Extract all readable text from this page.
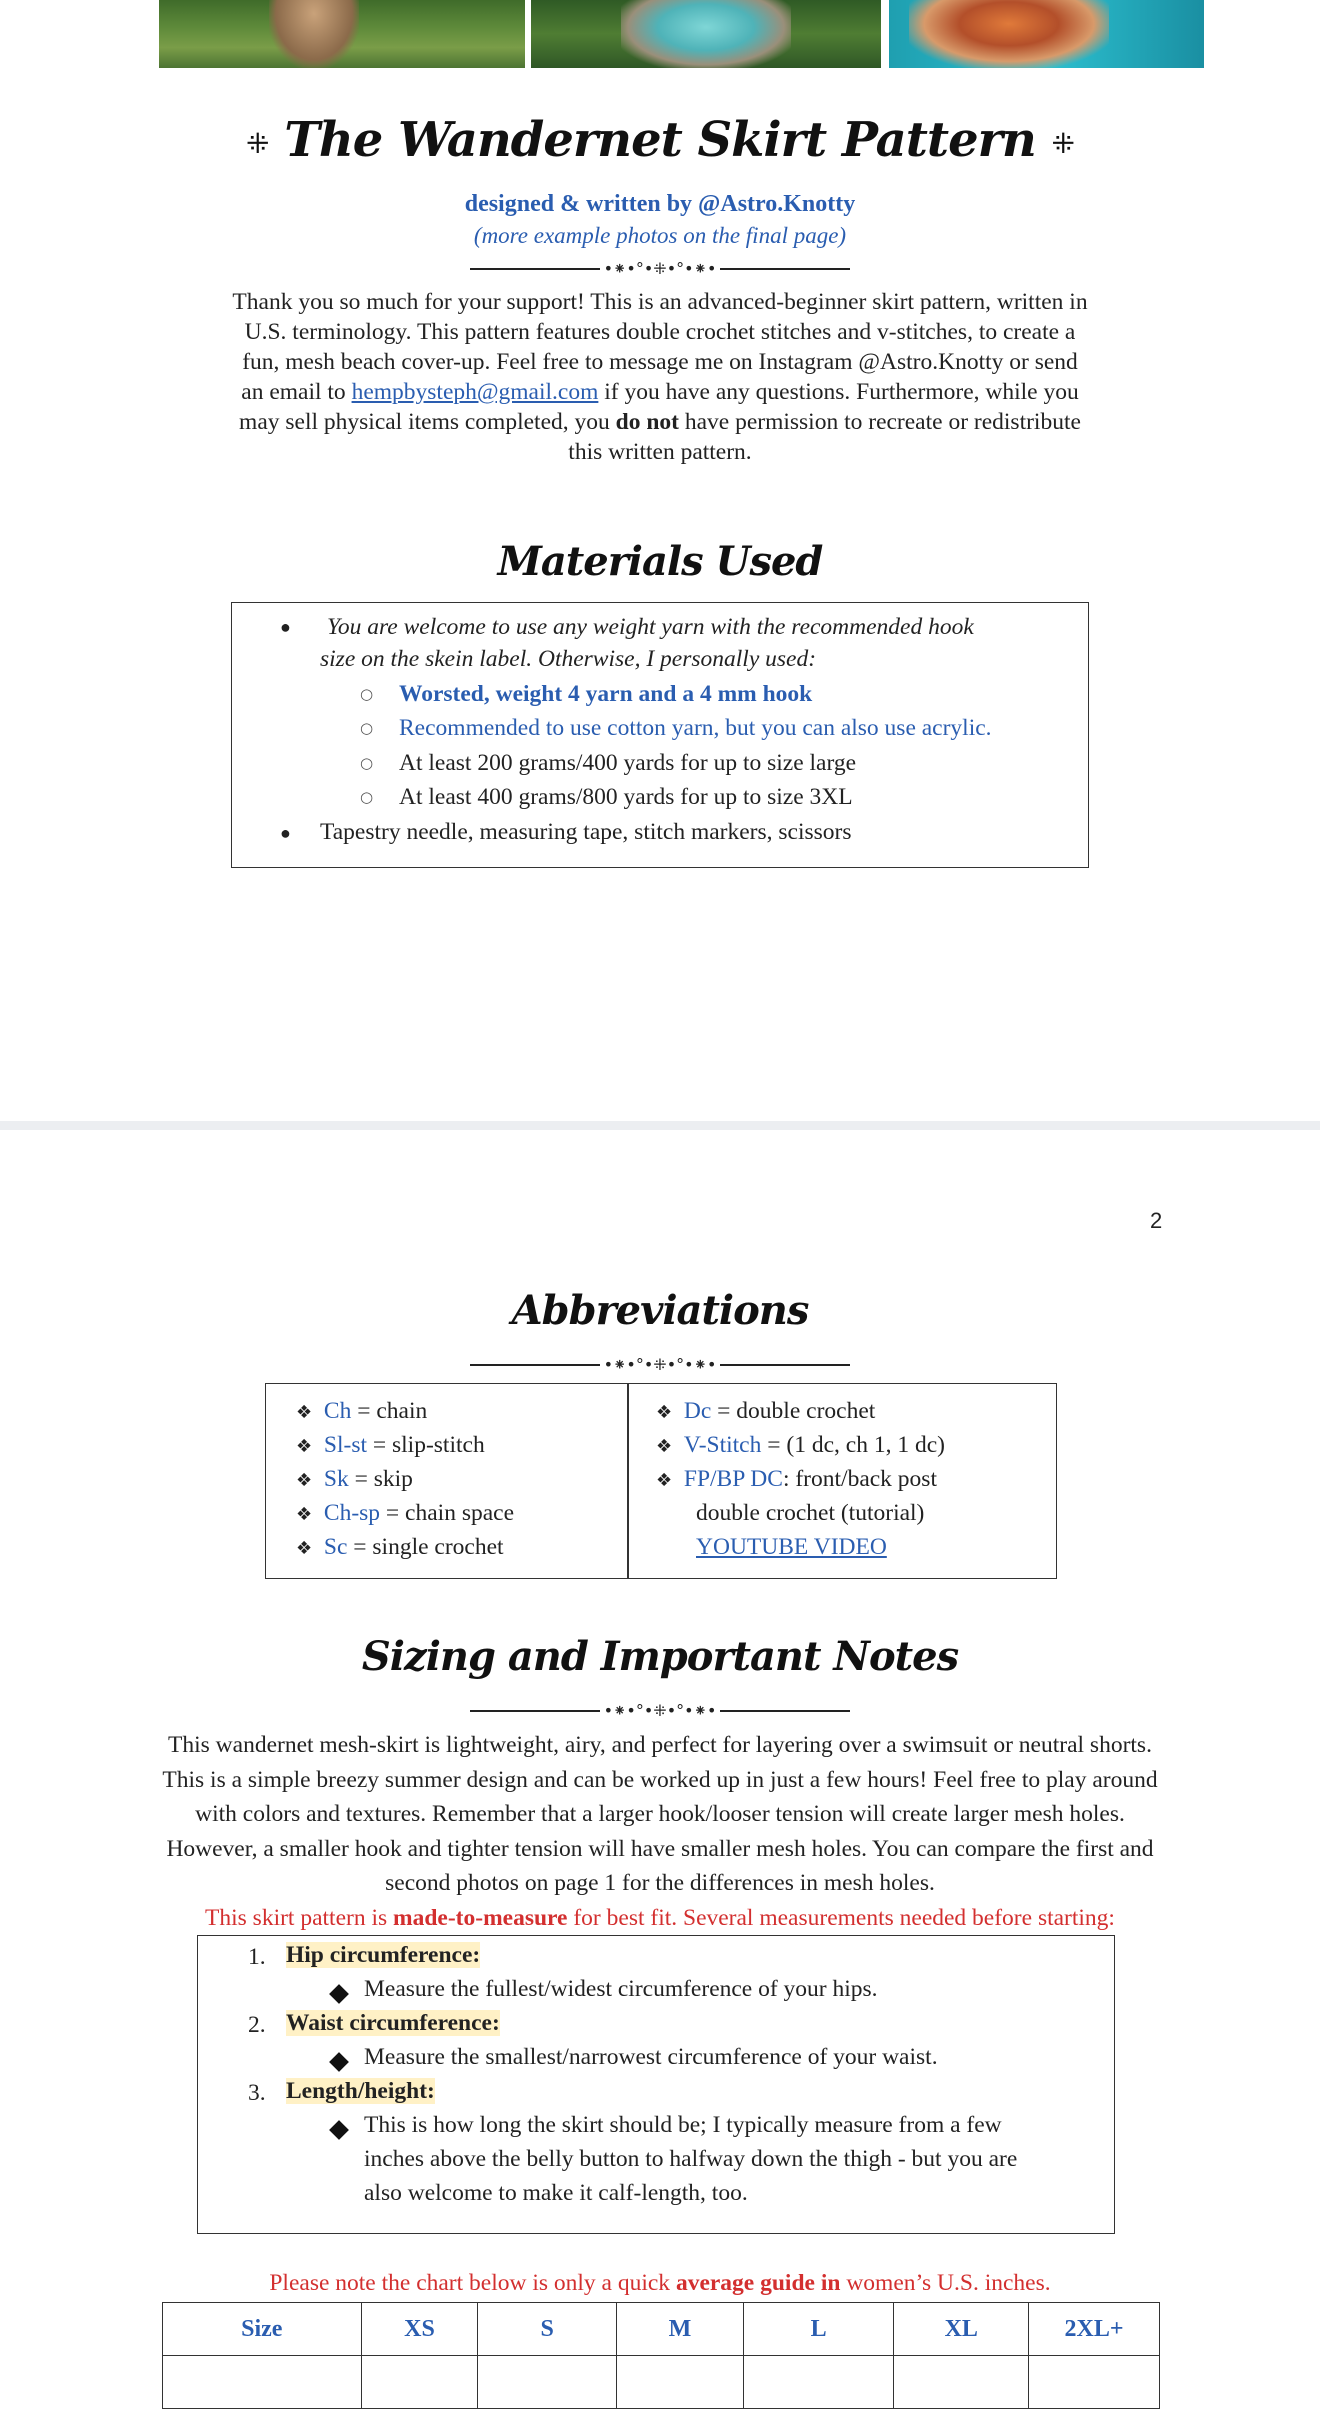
⁜ The Wandernet Skirt Pattern ⁜
designed & written by @Astro.Knotty
(more example photos on the final page)
•⁕•°•⁜•°•⁕•
Thank you so much for your support! This is an advanced-beginner skirt pattern, written in U.S. terminology. This pattern features double crochet stitches and v-stitches, to create a fun, mesh beach cover-up. Feel free to message me on Instagram @Astro.Knotty or send an email to hempbysteph@gmail.com if you have any questions. Furthermore, while you may sell physical items completed, you do not have permission to recreate or redistribute this written pattern.
Materials Used
● You are welcome to use any weight yarn with the recommended hook
size on the skein label. Otherwise, I personally used:
○ Worsted, weight 4 yarn and a 4 mm hook
○ Recommended to use cotton yarn, but you can also use acrylic.
○ At least 200 grams/400 yards for up to size large
○ At least 400 grams/800 yards for up to size 3XL
● Tapestry needle, measuring tape, stitch markers, scissors
2
Abbreviations
•⁕•°•⁜•°•⁕•
❖ Ch = chain
❖ Sl-st = slip-stitch
❖ Sk = skip
❖ Ch-sp = chain space
❖ Sc = single crochet
❖ Dc = double crochet
❖ V-Stitch = (1 dc, ch 1, 1 dc)
❖ FP/BP DC: front/back post
double crochet (tutorial)
YOUTUBE VIDEO
Sizing and Important Notes
•⁕•°•⁜•°•⁕•
This wandernet mesh-skirt is lightweight, airy, and perfect for layering over a swimsuit or neutral shorts. This is a simple breezy summer design and can be worked up in just a few hours! Feel free to play around with colors and textures. Remember that a larger hook/looser tension will create larger mesh holes. However, a smaller hook and tighter tension will have smaller mesh holes. You can compare the first and second photos on page 1 for the differences in mesh holes.
This skirt pattern is made-to-measure for best fit. Several measurements needed before starting:
1. Hip circumference:
Measure the fullest/widest circumference of your hips.
2. Waist circumference:
Measure the smallest/narrowest circumference of your waist.
3. Length/height:
This is how long the skirt should be; I typically measure from a few
inches above the belly button to halfway down the thigh - but you are
also welcome to make it calf-length, too.
Please note the chart below is only a quick average guide in women’s U.S. inches.
Size	XS	S	M	L	XL	2XL+
